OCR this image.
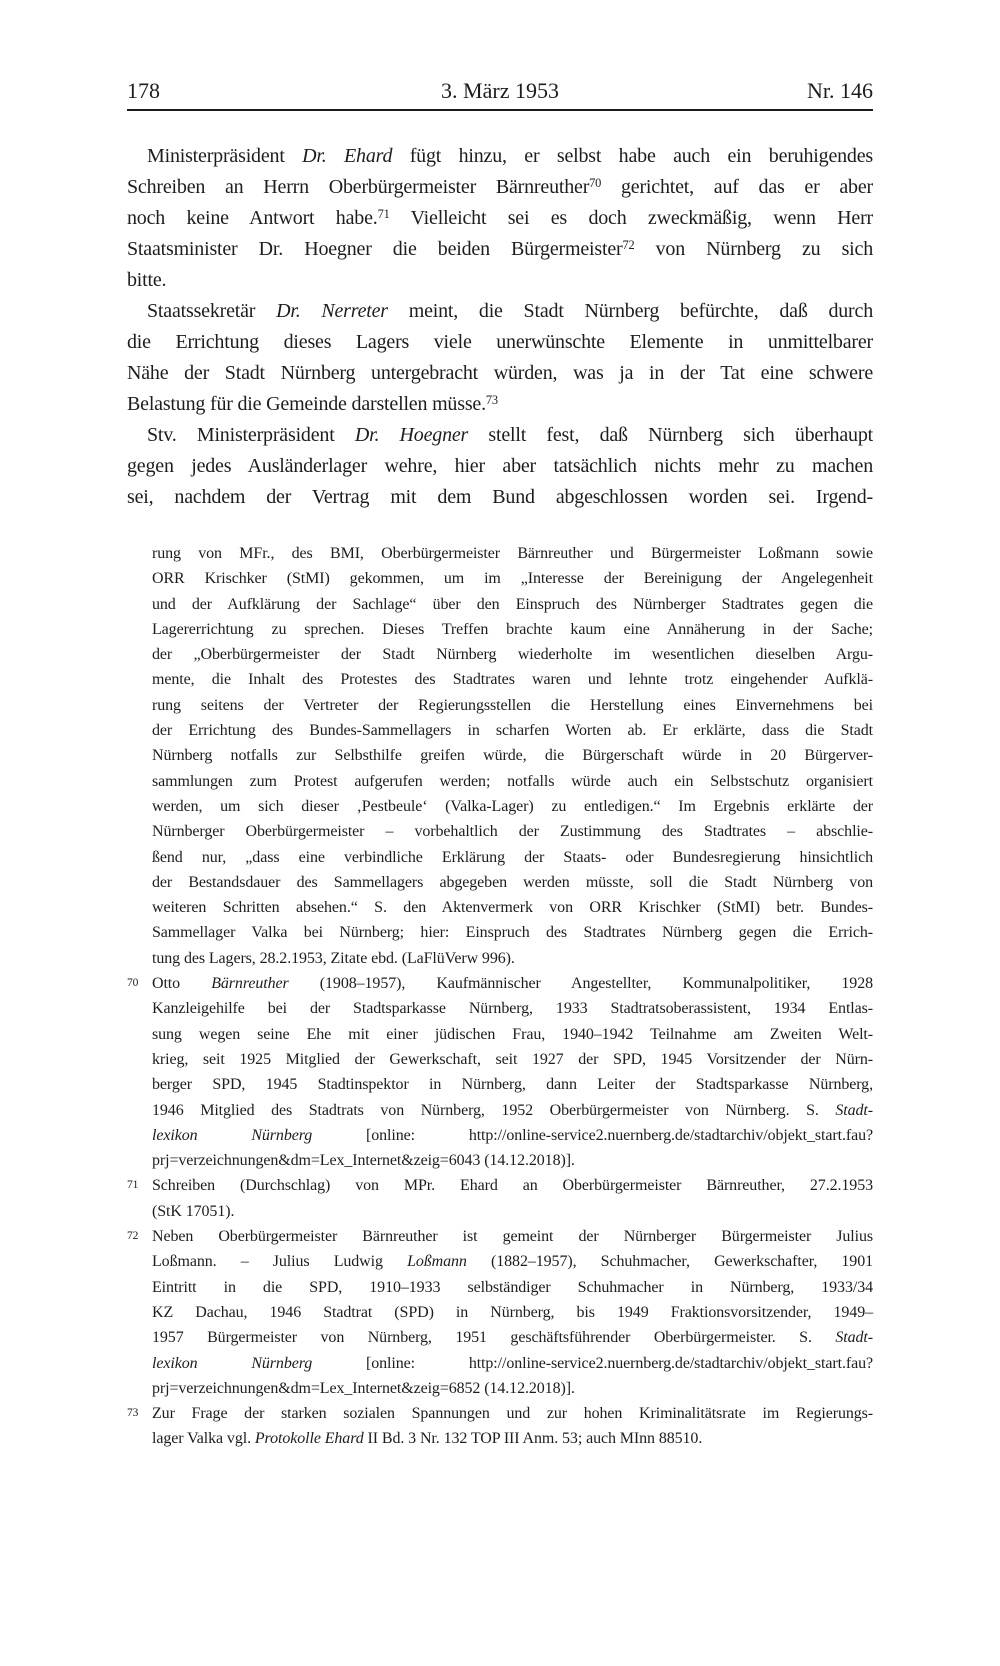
178	3. März 1953	Nr. 146
Ministerpräsident Dr. Ehard fügt hinzu, er selbst habe auch ein beruhigendes
Schreiben an Herrn Oberbürgermeister Bärnreuther$^{70}$ gerichtet, auf das er aber
noch keine Antwort habe.$^{71}$ Vielleicht sei es doch zweckmäßig, wenn Herr
Staatsminister Dr. Hoegner die beiden Bürgermeister$^{72}$ von Nürnberg zu sich
bitte.
Staatssekretär Dr. Nerreter meint, die Stadt Nürnberg befürchte, daß durch
die Errichtung dieses Lagers viele unerwünschte Elemente in unmittelbarer
Nähe der Stadt Nürnberg untergebracht würden, was ja in der Tat eine schwere
Belastung für die Gemeinde darstellen müsse.$^{73}$
Stv. Ministerpräsident Dr. Hoegner stellt fest, daß Nürnberg sich überhaupt
gegen jedes Ausländerlager wehre, hier aber tatsächlich nichts mehr zu machen
sei, nachdem der Vertrag mit dem Bund abgeschlossen worden sei. Irgend-
rung von MFr., des BMI, Oberbürgermeister Bärnreuther und Bürgermeister Loßmann sowie
ORR Krischker (StMI) gekommen, um im „Interesse der Bereinigung der Angelegenheit
und der Aufklärung der Sachlage“ über den Einspruch des Nürnberger Stadtrates gegen die
Lagererrichtung zu sprechen. Dieses Treffen brachte kaum eine Annäherung in der Sache;
der „Oberbürgermeister der Stadt Nürnberg wiederholte im wesentlichen dieselben Argu-
mente, die Inhalt des Protestes des Stadtrates waren und lehnte trotz eingehender Aufklä-
rung seitens der Vertreter der Regierungsstellen die Herstellung eines Einvernehmens bei
der Errichtung des Bundes-Sammellagers in scharfen Worten ab. Er erklärte, dass die Stadt
Nürnberg notfalls zur Selbsthilfe greifen würde, die Bürgerschaft würde in 20 Bürgerver-
sammlungen zum Protest aufgerufen werden; notfalls würde auch ein Selbstschutz organisiert
werden, um sich dieser ‚Pestbeule‘ (Valka-Lager) zu entledigen.“ Im Ergebnis erklärte der
Nürnberger Oberbürgermeister – vorbehaltlich der Zustimmung des Stadtrates – abschlie-
ßend nur, „dass eine verbindliche Erklärung der Staats- oder Bundesregierung hinsichtlich
der Bestandsdauer des Sammellagers abgegeben werden müsste, soll die Stadt Nürnberg von
weiteren Schritten absehen.“ S. den Aktenvermerk von ORR Krischker (StMI) betr. Bundes-
Sammellager Valka bei Nürnberg; hier: Einspruch des Stadtrates Nürnberg gegen die Errich-
tung des Lagers, 28.2.1953, Zitate ebd. (LaFlüVerw 996).
70 Otto Bärnreuther (1908–1957), Kaufmännischer Angestellter, Kommunalpolitiker, 1928
Kanzleigehilfe bei der Stadtsparkasse Nürnberg, 1933 Stadtratsoberassistent, 1934 Entlas-
sung wegen seine Ehe mit einer jüdischen Frau, 1940–1942 Teilnahme am Zweiten Welt-
krieg, seit 1925 Mitglied der Gewerkschaft, seit 1927 der SPD, 1945 Vorsitzender der Nürn-
berger SPD, 1945 Stadtinspektor in Nürnberg, dann Leiter der Stadtsparkasse Nürnberg,
1946 Mitglied des Stadtrats von Nürnberg, 1952 Oberbürgermeister von Nürnberg. S. Stadt-
lexikon Nürnberg [online: http://online-service2.nuernberg.de/stadtarchiv/objekt_start.fau?
prj=verzeichnungen&dm=Lex_Internet&zeig=6043 (14.12.2018)].
71 Schreiben (Durchschlag) von MPr. Ehard an Oberbürgermeister Bärnreuther, 27.2.1953
(StK 17051).
72 Neben Oberbürgermeister Bärnreuther ist gemeint der Nürnberger Bürgermeister Julius
Loßmann. – Julius Ludwig Loßmann (1882–1957), Schuhmacher, Gewerkschafter, 1901
Eintritt in die SPD, 1910–1933 selbständiger Schuhmacher in Nürnberg, 1933/34
KZ Dachau, 1946 Stadtrat (SPD) in Nürnberg, bis 1949 Fraktionsvorsitzender, 1949–
1957 Bürgermeister von Nürnberg, 1951 geschäftsführender Oberbürgermeister. S. Stadt-
lexikon Nürnberg [online: http://online-service2.nuernberg.de/stadtarchiv/objekt_start.fau?
prj=verzeichnungen&dm=Lex_Internet&zeig=6852 (14.12.2018)].
73 Zur Frage der starken sozialen Spannungen und zur hohen Kriminalitätsrate im Regierungs-
lager Valka vgl. Protokolle Ehard II Bd. 3 Nr. 132 TOP III Anm. 53; auch MInn 88510.
